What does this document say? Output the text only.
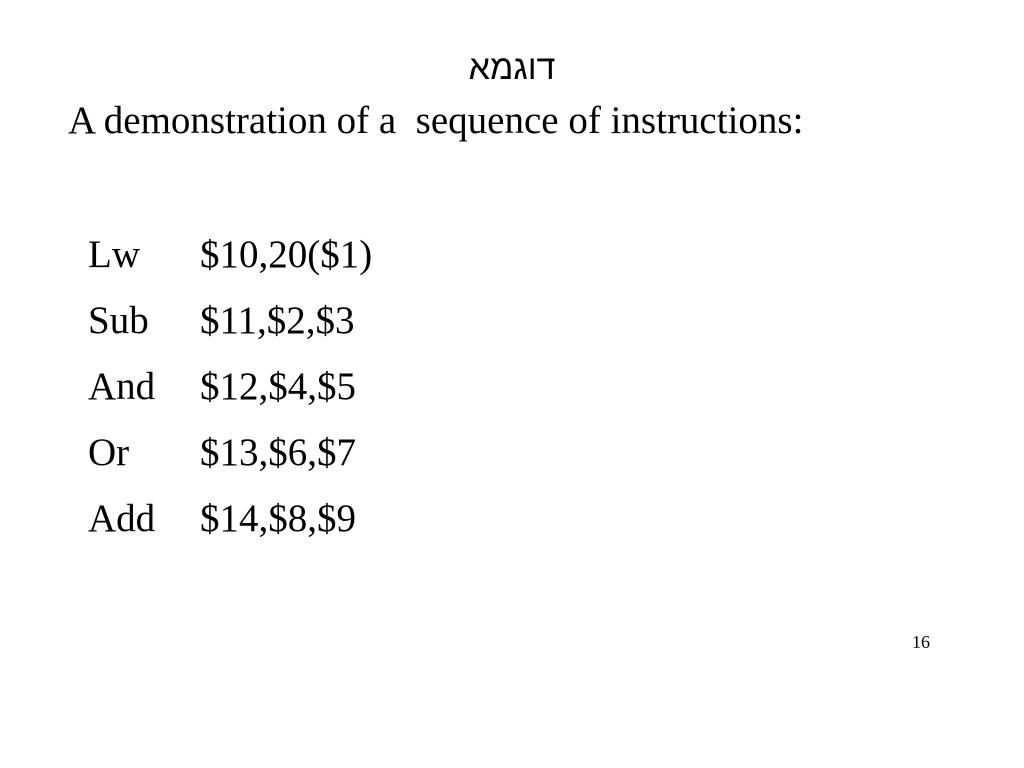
דוגמא
A demonstration of a  sequence of instructions:
Lw	$10,20($1)
Sub	$11,$2,$3
And	$12,$4,$5
Or	$13,$6,$7
Add	$14,$8,$9
16
